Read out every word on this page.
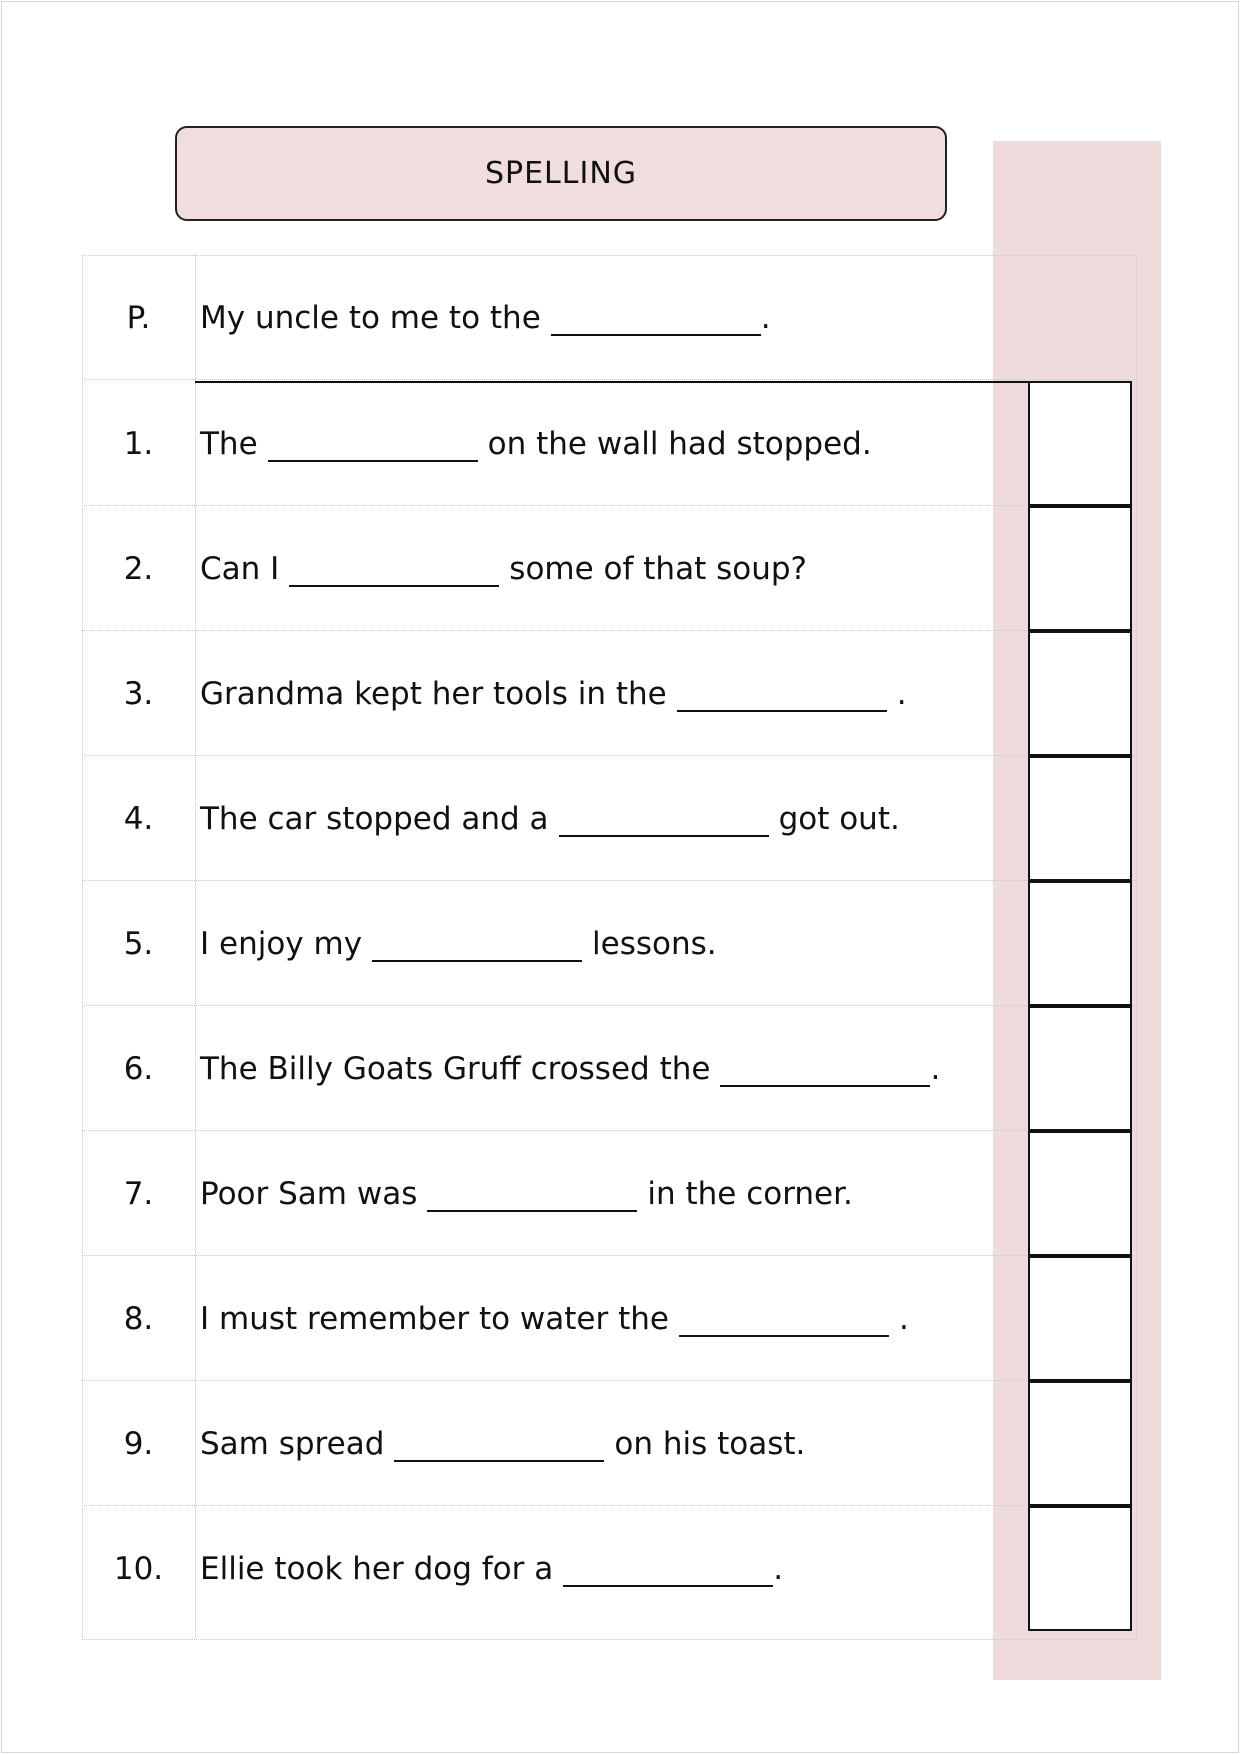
SPELLING
P.	My uncle to me to the	.
1.	The	on the wall had stopped.
2.	Can I	some of that soup?
3.	Grandma kept her tools in the	.
4.	The car stopped and a	got out.
5.	I enjoy my	lessons.
6.	The Billy Goats Gruff crossed the	.
7.	Poor Sam was	in the corner.
8.	I must remember to water the	.
9.	Sam spread	on his toast.
10.	Ellie took her dog for a	.
